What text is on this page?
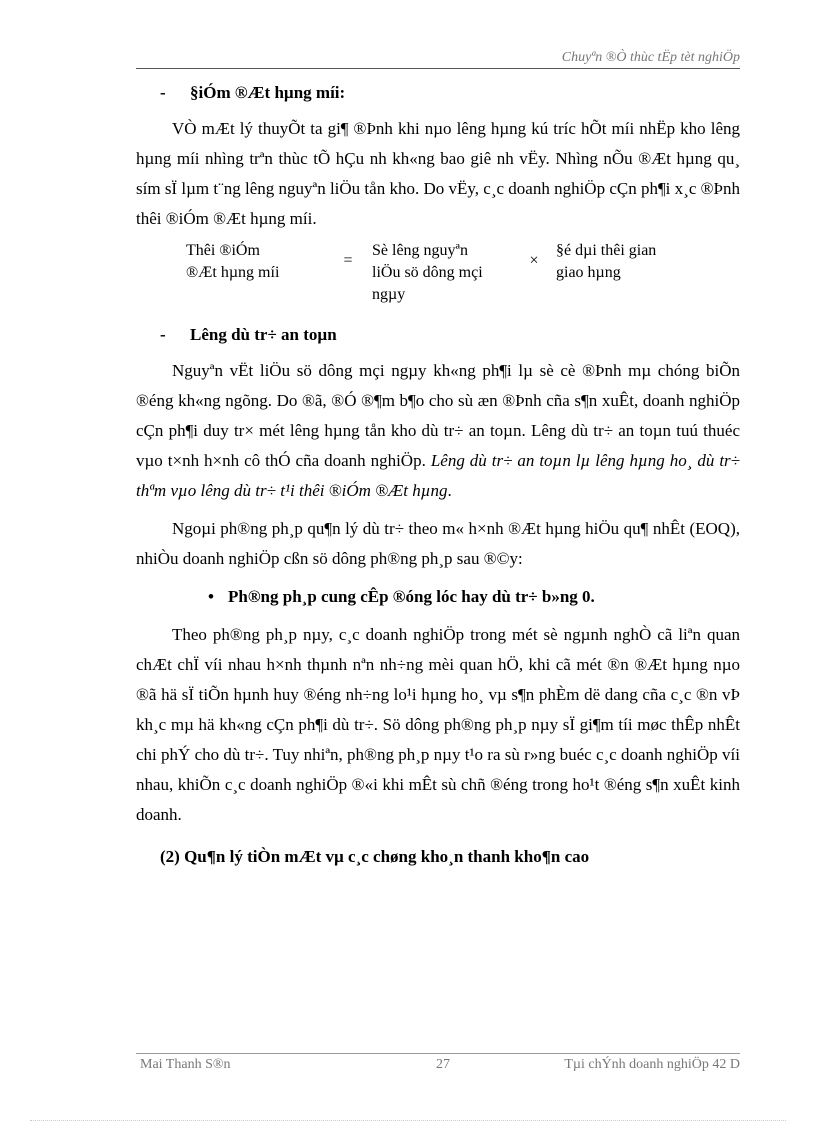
Chuyªn ®Ò thùc tËp tèt nghiÖp

- §iÓm ®Æt hµng míi:

VÒ mÆt lý thuyÕt ta gi¶ ®Þnh khi nµo lêng hµng kú tríc hÕt míi nhËp kho lêng hµng míi nhìng trªn thùc tÕ hÇu nh kh«ng bao giê nh vËy. Nhìng nÕu ®Æt hµng qu¸ sím sÏ lµm t¨ng lêng nguyªn liÖu tån kho. Do vËy, c¸c doanh nghiÖp cÇn ph¶i x¸c ®Þnh thêi ®iÓm ®Æt hµng míi.

Thêi ®iÓm
®Æt hµng míi
=
Sè lêng nguyªn
liÖu sö dông mçi
ngµy
×
§é dµi thêi gian
giao hµng

- Lêng dù tr÷ an toµn

Nguyªn vËt liÖu sö dông mçi ngµy kh«ng ph¶i lµ sè cè ®Þnh mµ chóng biÕn ®éng kh«ng ngõng. Do ®ã, ®Ó ®¶m b¶o cho sù æn ®Þnh cña s¶n xuÊt, doanh nghiÖp cÇn ph¶i duy tr× mét lêng hµng tån kho dù tr÷ an toµn. Lêng dù tr÷ an toµn tuú thuéc vµo t×nh h×nh cô thÓ cña doanh nghiÖp. Lêng dù tr÷ an toµn lµ lêng hµng ho¸ dù tr÷ thªm vµo lêng dù tr÷ t¹i thêi ®iÓm ®Æt hµng.

Ngoµi ph®ng ph¸p qu¶n lý dù tr÷ theo m« h×nh ®Æt hµng hiÖu qu¶ nhÊt (EOQ), nhiÒu doanh nghiÖp cßn sö dông ph®ng ph¸p sau ®©y:

• Ph®ng ph¸p cung cÊp ®óng lóc hay dù tr÷ b»ng 0.

Theo ph®ng ph¸p nµy, c¸c doanh nghiÖp trong mét sè ngµnh nghÒ cã liªn quan chÆt chÏ víi nhau h×nh thµnh nªn nh÷ng mèi quan hÖ, khi cã mét ®n ®Æt hµng nµo ®ã hä sÏ tiÕn hµnh huy ®éng nh÷ng lo¹i hµng ho¸ vµ s¶n phÈm dë dang cña c¸c ®n vÞ kh¸c mµ hä kh«ng cÇn ph¶i dù tr÷. Sö dông ph®ng ph¸p nµy sÏ gi¶m tíi møc thÊp nhÊt chi phÝ cho dù tr÷. Tuy nhiªn, ph®ng ph¸p nµy t¹o ra sù r»ng buéc c¸c doanh nghiÖp víi nhau, khiÕn c¸c doanh nghiÖp ®«i khi mÊt sù chñ ®éng trong ho¹t ®éng s¶n xuÊt kinh doanh.

(2) Qu¶n lý tiÒn mÆt vµ c¸c chøng kho¸n thanh kho¶n cao

Mai Thanh S®n	27	Tµi chÝnh doanh nghiÖp 42 D
